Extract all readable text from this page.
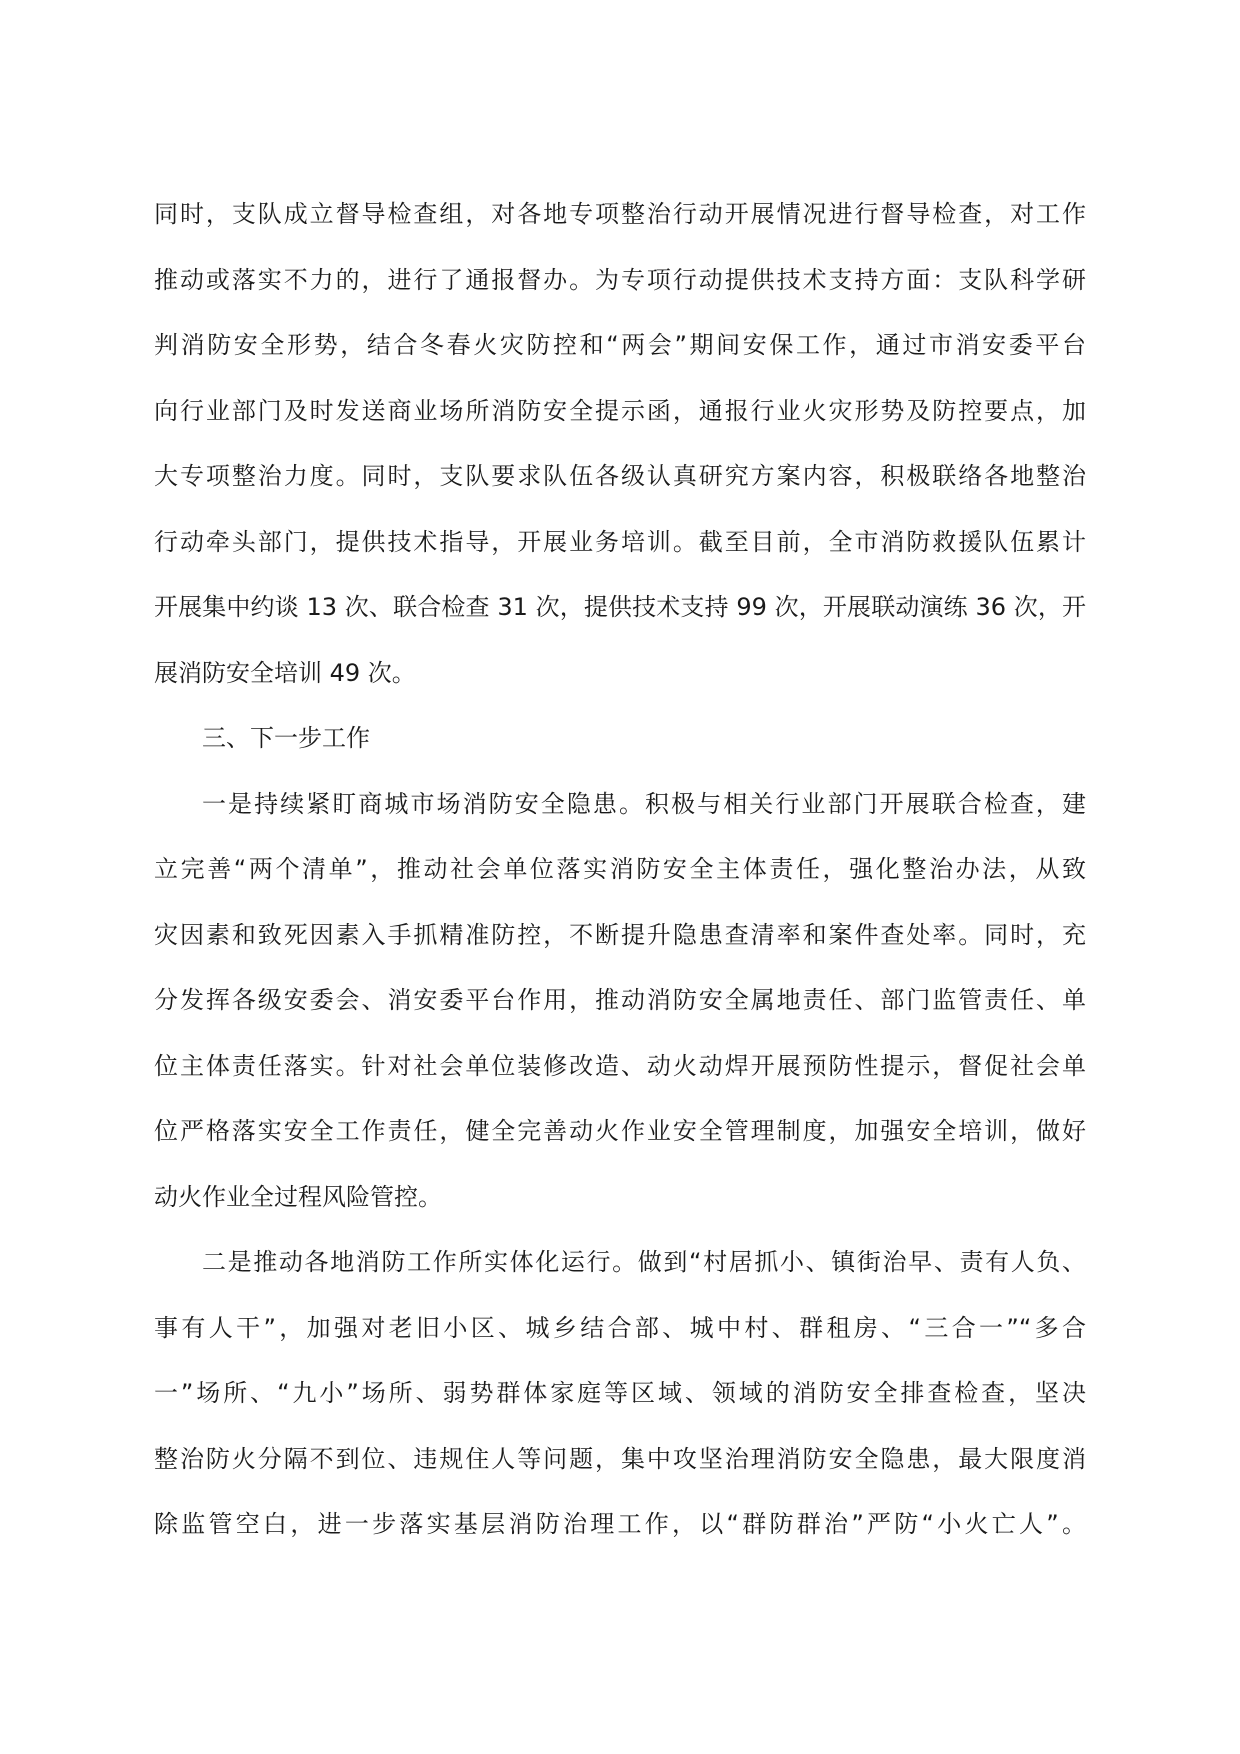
同时，支队成立督导检查组，对各地专项整治行动开展情况进行督导检查，对工作
推动或落实不力的，进行了通报督办。为专项行动提供技术支持方面：支队科学研
判消防安全形势，结合冬春火灾防控和“两会”期间安保工作，通过市消安委平台
向行业部门及时发送商业场所消防安全提示函，通报行业火灾形势及防控要点，加
大专项整治力度。同时，支队要求队伍各级认真研究方案内容，积极联络各地整治
行动牵头部门，提供技术指导，开展业务培训。截至目前，全市消防救援队伍累计
开展集中约谈 13 次、联合检查 31 次，提供技术支持 99 次，开展联动演练 36 次，开
展消防安全培训 49 次。
三、下一步工作
一是持续紧盯商城市场消防安全隐患。积极与相关行业部门开展联合检查，建
立完善“两个清单”，推动社会单位落实消防安全主体责任，强化整治办法，从致
灾因素和致死因素入手抓精准防控，不断提升隐患查清率和案件查处率。同时，充
分发挥各级安委会、消安委平台作用，推动消防安全属地责任、部门监管责任、单
位主体责任落实。针对社会单位装修改造、动火动焊开展预防性提示，督促社会单
位严格落实安全工作责任，健全完善动火作业安全管理制度，加强安全培训，做好
动火作业全过程风险管控。
二是推动各地消防工作所实体化运行。做到“村居抓小、镇街治早、责有人负、
事有人干”，加强对老旧小区、城乡结合部、城中村、群租房、“三合一”“多合
一”场所、“九小”场所、弱势群体家庭等区域、领域的消防安全排查检查，坚决
整治防火分隔不到位、违规住人等问题，集中攻坚治理消防安全隐患，最大限度消
除监管空白，进一步落实基层消防治理工作，以“群防群治”严防“小火亡人”。
